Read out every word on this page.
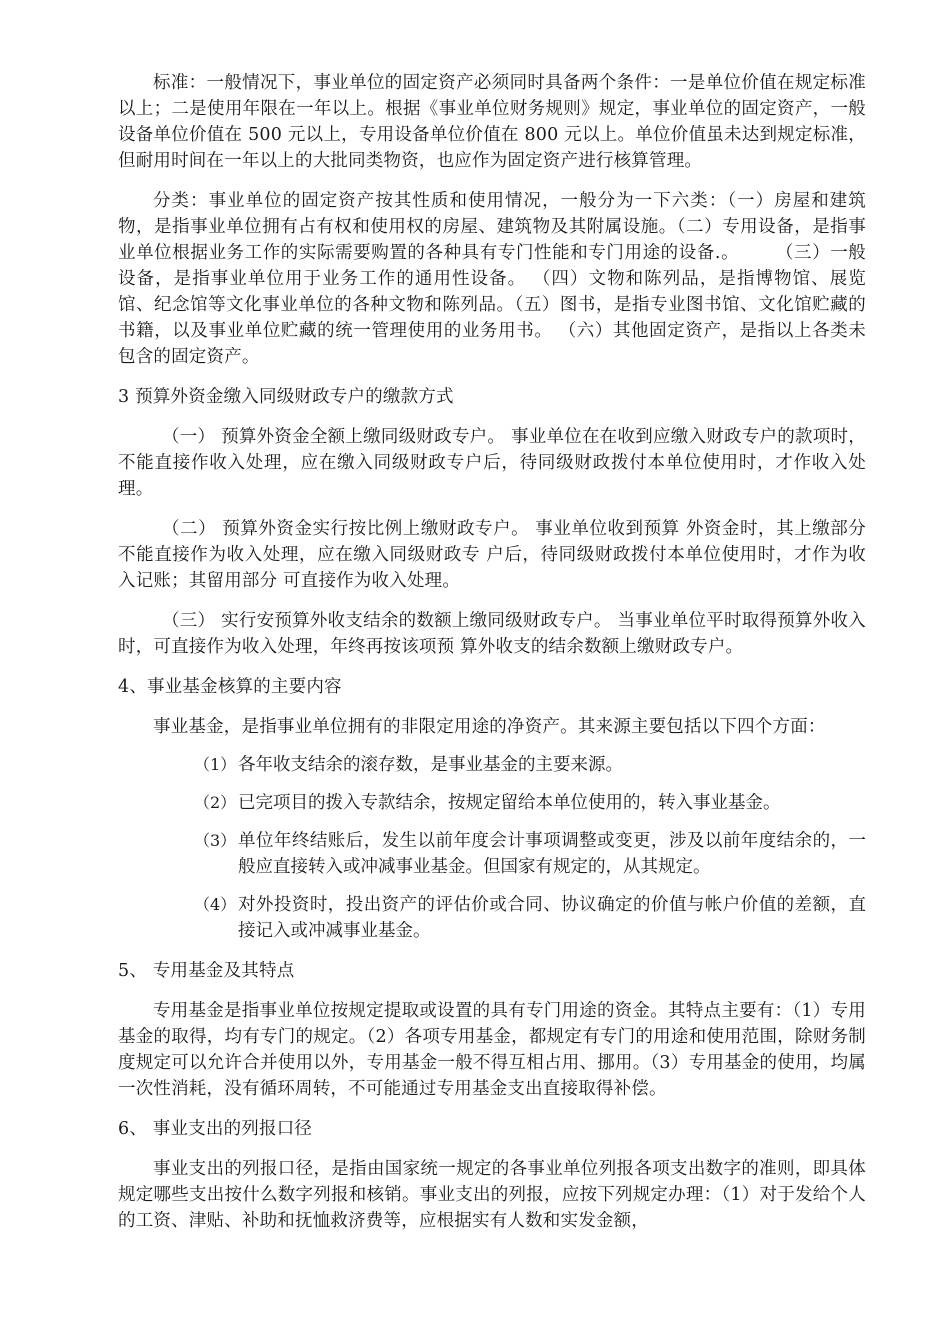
标准：一般情况下，事业单位的固定资产必须同时具备两个条件：一是单位价值在规定标准以上；二是使用年限在一年以上。根据《事业单位财务规则》规定，事业单位的固定资产，一般设备单位价值在 500 元以上，专用设备单位价值在 800 元以上。单位价值虽未达到规定标准，但耐用时间在一年以上的大批同类物资，也应作为固定资产进行核算管理。

分类：事业单位的固定资产按其性质和使用情况，一般分为一下六类：（一）房屋和建筑物，是指事业单位拥有占有权和使用权的房屋、建筑物及其附属设施。（二）专用设备，是指事业单位根据业务工作的实际需要购置的各种具有专门性能和专门用途的设备.。　　　（三）一般设备，是指事业单位用于业务工作的通用性设备。 （四）文物和陈列品，是指博物馆、展览馆、纪念馆等文化事业单位的各种文物和陈列品。（五）图书，是指专业图书馆、文化馆贮藏的书籍，以及事业单位贮藏的统一管理使用的业务用书。 （六）其他固定资产，是指以上各类未包含的固定资产。

3 预算外资金缴入同级财政专户的缴款方式

（一） 预算外资金全额上缴同级财政专户。 事业单位在在收到应缴入财政专户的款项时，不能直接作收入处理，应在缴入同级财政专户后，待同级财政拨付本单位使用时，才作收入处理。

（二） 预算外资金实行按比例上缴财政专户。 事业单位收到预算 外资金时，其上缴部分不能直接作为收入处理，应在缴入同级财政专 户后，待同级财政拨付本单位使用时，才作为收入记账；其留用部分 可直接作为收入处理。

（三） 实行安预算外收支结余的数额上缴同级财政专户。 当事业单位平时取得预算外收入时，可直接作为收入处理，年终再按该项预 算外收支的结余数额上缴财政专户。

4、事业基金核算的主要内容

事业基金，是指事业单位拥有的非限定用途的净资产。其来源主要包括以下四个方面：

（1） 各年收支结余的滚存数，是事业基金的主要来源。
（2） 已完项目的拨入专款结余，按规定留给本单位使用的，转入事业基金。
（3） 单位年终结账后，发生以前年度会计事项调整或变更，涉及以前年度结余的，一般应直接转入或冲减事业基金。但国家有规定的，从其规定。
（4） 对外投资时，投出资产的评估价或合同、协议确定的价值与帐户价值的差额，直接记入或冲减事业基金。

5、 专用基金及其特点

专用基金是指事业单位按规定提取或设置的具有专门用途的资金。其特点主要有：（1）专用基金的取得，均有专门的规定。（2）各项专用基金，都规定有专门的用途和使用范围，除财务制度规定可以允许合并使用以外，专用基金一般不得互相占用、挪用。（3）专用基金的使用，均属一次性消耗，没有循环周转，不可能通过专用基金支出直接取得补偿。

6、 事业支出的列报口径

事业支出的列报口径，是指由国家统一规定的各事业单位列报各项支出数字的准则，即具体规定哪些支出按什么数字列报和核销。事业支出的列报，应按下列规定办理：（1）对于发给个人的工资、津贴、补助和抚恤救济费等，应根据实有人数和实发金额，
